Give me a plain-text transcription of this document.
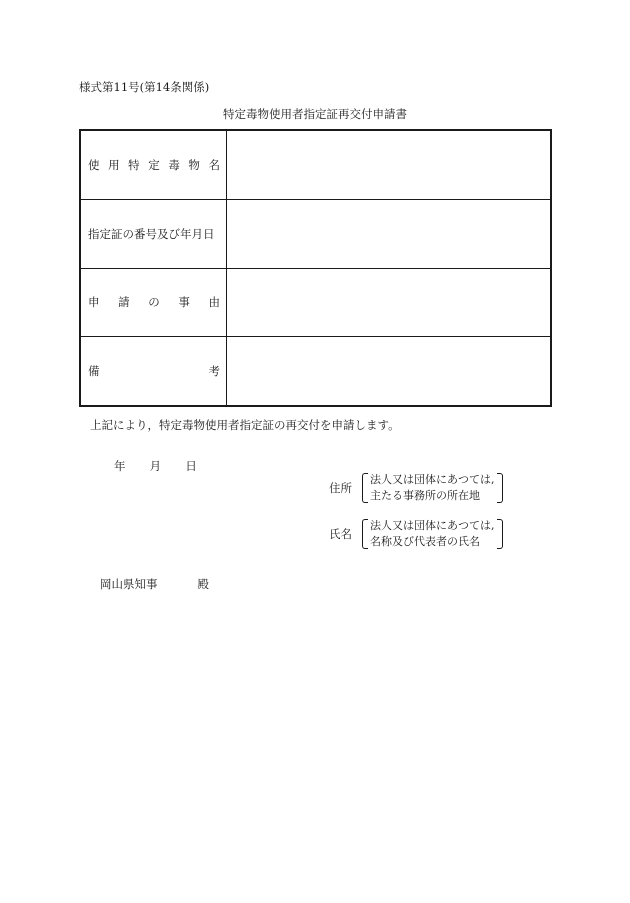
様式第11号(第14条関係)
特定毒物使用者指定証再交付申請書
使 用 特 定 毒 物 名
指定証の番号及び年月日
申 請 の 事 由
備	考
上記により，特定毒物使用者指定証の再交付を申請します。
年 月 日
住所
法人又は団体にあつては,
主たる事務所の所在地
氏名
法人又は団体にあつては,
名称及び代表者の氏名
岡山県知事	殿
